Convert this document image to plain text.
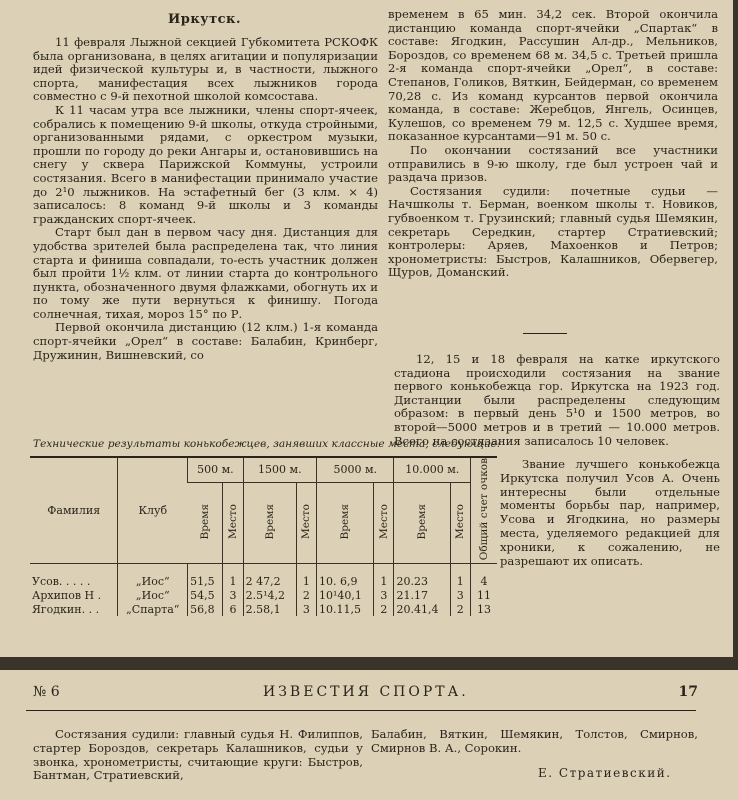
Иркутск.

11 февраля Лыжной секцией Губкомитета РСКОФК была организована, в целях агитации и популяризации идей физической культуры и, в частности, лыжного спорта, манифестация всех лыжников города совместно с 9-й пехотной школой комсостава.

К 11 часам утра все лыжники, члены спорт-ячеек, собрались к помещению 9-й школы, откуда стройными, организованными рядами, с оркестром музыки, прошли по городу до реки Ангары и, остановившись на снегу у сквера Парижской Коммуны, устроили состязания. Всего в манифестации принимало участие до 2¹0 лыжников. На эстафетный бег (3 клм. × 4) записалось: 8 команд 9-й школы и 3 команды гражданских спорт-ячеек.

Старт был дан в первом часу дня. Дистанция для удобства зрителей была распределена так, что линия старта и финиша совпадали, то-есть участник должен был пройти 1½ клм. от линии старта до контрольного пункта, обозначенного двумя флажками, обогнуть их и по тому же пути вернуться к финишу. Погода солнечная, тихая, мороз 15° по Р.

Первой окончила дистанцию (12 клм.) 1-я команда спорт-ячейки „Орел“ в составе: Балабин, Кринберг, Дружинин, Вишневский, со

временем в 65 мин. 34,2 сек. Второй окончила дистанцию команда спорт-ячейки „Спартак“ в составе: Ягодкин, Рассушин Ал-др., Мельников, Бороздов, со временем 68 м. 34,5 с. Третьей пришла 2-я команда спорт-ячейки „Орел“, в составе: Степанов, Голиков, Вяткин, Бейдерман, со временем 70,28 с. Из команд курсантов первой окончила команда, в составе: Жеребцов, Янгель, Осинцев, Кулешов, со временем 79 м. 12,5 с. Худшее время, показанное курсантами—91 м. 50 с.

По окончании состязаний все участники отправились в 9-ю школу, где был устроен чай и раздача призов.

Состязания судили: почетные судьи — Начшколы т. Берман, военком школы т. Новиков, губвоенком т. Грузинский; главный судья Шемякин, секретарь Середкин, стартер Стратиевский; контролеры: Аряев, Махоенков и Петров; хронометристы: Быстров, Калашников, Обервегер, Щуров, Доманский.

12, 15 и 18 февраля на катке иркутского стадиона происходили состязания на звание первого конькобежца гор. Иркутска на 1923 год. Дистанции были распределены следующим образом: в первый день 5¹0 и 1500 метров, во второй—5000 метров и в третий — 10.000 метров. Всего на состязания записалось 10 человек.

Технические результаты конькобежцев, занявших классные места, следующие:
Фамилия	Клуб	500 м.		1500 м.		5000 м.		10.000 м.		Общий счет очков
		Время	Место	Время	Место	Время	Место	Время	Место	
Усов. . . . .	„Иос“	51,5	1	2 47,2	1	10. 6,9	1	20.23	1	4
Архипов Н .	„Иос“	54,5	3	2.5¹4,2	2	10¹40,1	3	21.17	3	11
Ягодкин. . .	„Спарта“	56,8	6	2.58,1	3	10.11,5	2	20.41,4	2	13

Звание лучшего конькобежца Иркутска получил Усов А. Очень интересны были отдельные моменты борьбы пар, например, Усова и Ягодкина, но размеры места, уделяемого редакцией для хроники, к сожалению, не разрешают их описать.

№ 6	ИЗВЕСТИЯ СПОРТА.	17

Состязания судили: главный судья Н. Филиппов, стартер Бороздов, секретарь Калашников, судьи у звонка, хронометристы, считающие круги: Быстров, Бантман, Стратиевский,

Балабин, Вяткин, Шемякин, Толстов, Смирнов, Смирнов В. А., Сорокин.

Е. Стратиевский.
